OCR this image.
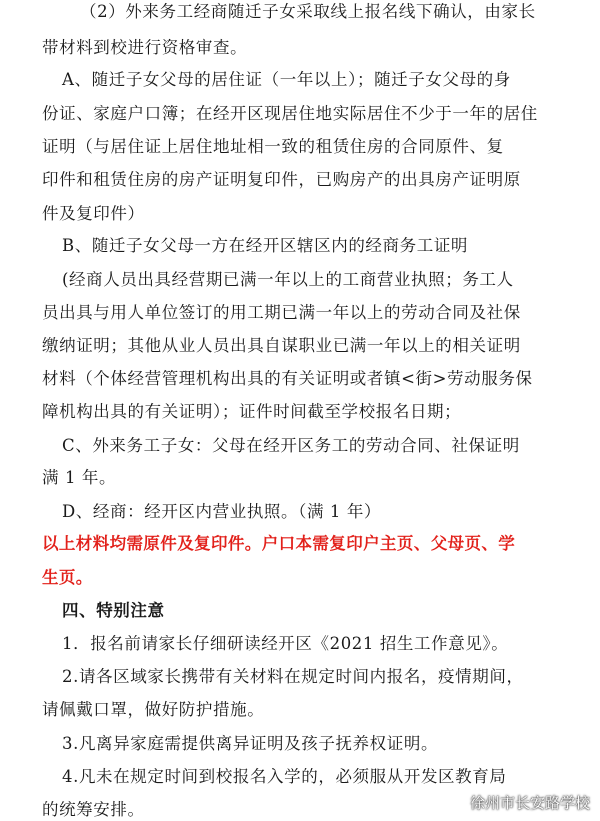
（2）外来务工经商随迁子女采取线上报名线下确认，由家长
带材料到校进行资格审查。
A、随迁子女父母的居住证（一年以上）；随迁子女父母的身
份证、家庭户口簿；在经开区现居住地实际居住不少于一年的居住
证明（与居住证上居住地址相一致的租赁住房的合同原件、复
印件和租赁住房的房产证明复印件，已购房产的出具房产证明原
件及复印件）
B、随迁子女父母一方在经开区辖区内的经商务工证明
(经商人员出具经营期已满一年以上的工商营业执照；务工人
员出具与用人单位签订的用工期已满一年以上的劳动合同及社保
缴纳证明；其他从业人员出具自谋职业已满一年以上的相关证明
材料（个体经营管理机构出具的有关证明或者镇<街>劳动服务保
障机构出具的有关证明）；证件时间截至学校报名日期；
C、外来务工子女：父母在经开区务工的劳动合同、社保证明
满 1 年。
D、经商：经开区内营业执照。（满 1 年）
以上材料均需原件及复印件。户口本需复印户主页、父母页、学
生页。
四、特别注意
1．报名前请家长仔细研读经开区《2021 招生工作意见》。
2.请各区域家长携带有关材料在规定时间内报名，疫情期间，
请佩戴口罩，做好防护措施。
3.凡离异家庭需提供离异证明及孩子抚养权证明。
4.凡未在规定时间到校报名入学的，必须服从开发区教育局
的统筹安排。	徐州市长安路学校
